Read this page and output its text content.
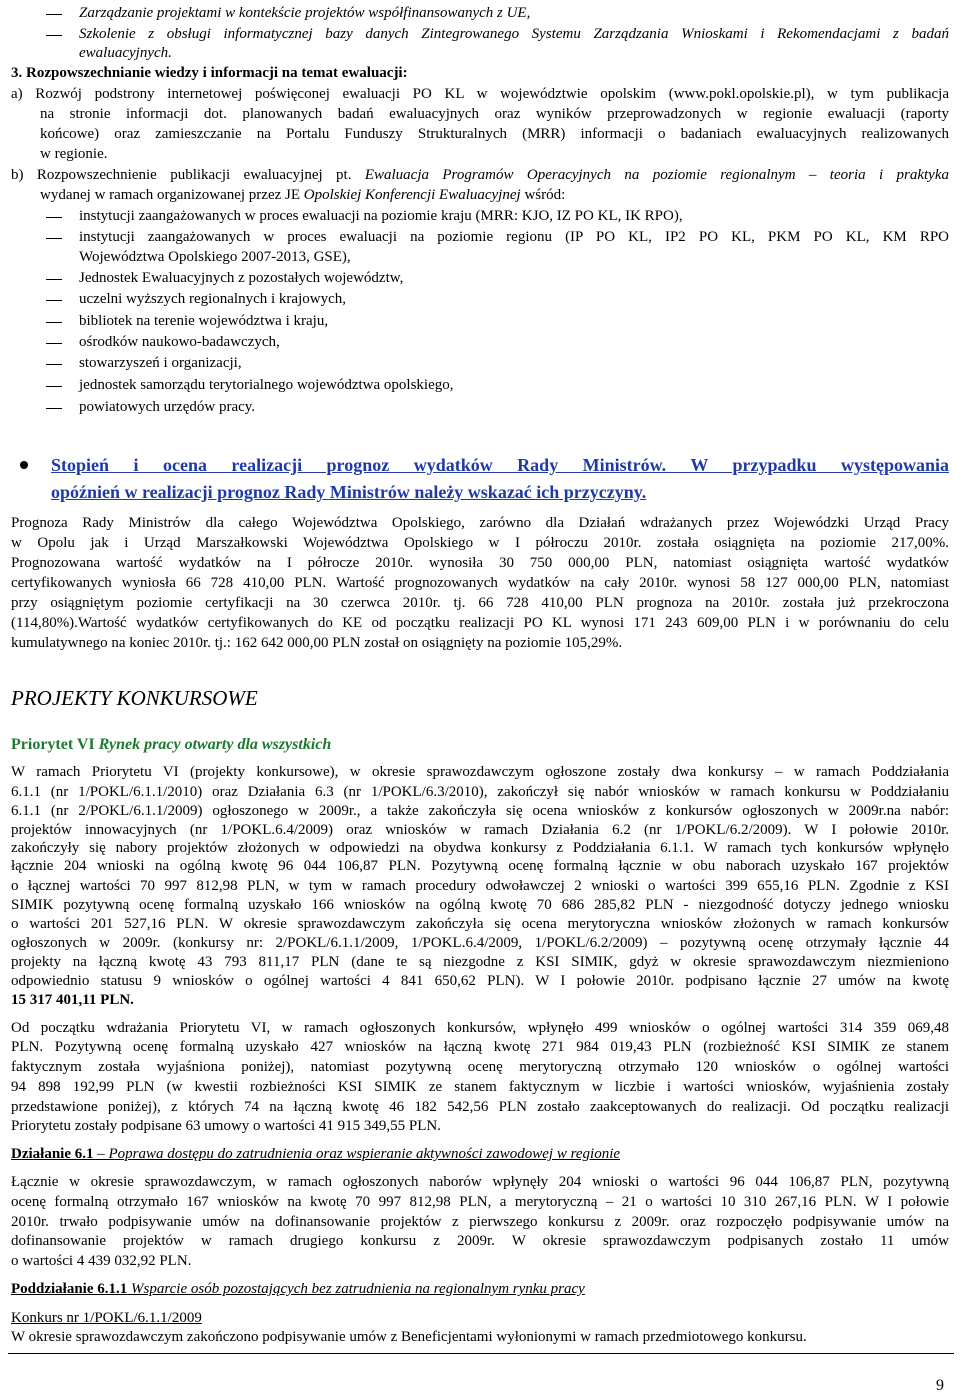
Zarządzanie projektami w kontekście projektów współfinansowanych z UE,
Szkolenie z obsługi informatycznej bazy danych Zintegrowanego Systemu Zarządzania Wnioskami i Rekomendacjami z badań
ewaluacyjnych.
3. Rozpowszechnianie wiedzy i informacji na temat ewaluacji:
a) Rozwój podstrony internetowej poświęconej ewaluacji PO KL w województwie opolskim (www.pokl.opolskie.pl), w tym publikacja
na stronie informacji dot. planowanych badań ewaluacyjnych oraz wyników przeprowadzonych w regionie ewaluacji (raporty
końcowe) oraz zamieszczanie na Portalu Funduszy Strukturalnych (MRR) informacji o badaniach ewaluacyjnych realizowanych
w regionie.
b) Rozpowszechnienie publikacji ewaluacyjnej pt. Ewaluacja Programów Operacyjnych na poziomie regionalnym – teoria i praktyka
wydanej w ramach organizowanej przez JE Opolskiej Konferencji Ewaluacyjnej wśród:
instytucji zaangażowanych w proces ewaluacji na poziomie kraju (MRR: KJO, IZ PO KL, IK RPO),
instytucji zaangażowanych w proces ewaluacji na poziomie regionu (IP PO KL, IP2 PO KL, PKM PO KL, KM RPO
Województwa Opolskiego 2007-2013, GSE),
Jednostek Ewaluacyjnych z pozostałych województw,
uczelni wyższych regionalnych i krajowych,
bibliotek na terenie województwa i kraju,
ośrodków naukowo-badawczych,
stowarzyszeń i organizacji,
jednostek samorządu terytorialnego województwa opolskiego,
powiatowych urzędów pracy.
Stopień i ocena realizacji prognoz wydatków Rady Ministrów. W przypadku występowania
opóźnień w realizacji prognoz Rady Ministrów należy wskazać ich przyczyny.
Prognoza Rady Ministrów dla całego Województwa Opolskiego, zarówno dla Działań wdrażanych przez Wojewódzki Urząd Pracy
w Opolu jak i Urząd Marszałkowski Województwa Opolskiego w I półroczu 2010r. została osiągnięta na poziomie 217,00%.
Prognozowana wartość wydatków na I półrocze 2010r. wynosiła 30 750 000,00 PLN, natomiast osiągnięta wartość wydatków
certyfikowanych wyniosła 66 728 410,00 PLN. Wartość prognozowanych wydatków na cały 2010r. wynosi 58 127 000,00 PLN, natomiast
przy osiągniętym poziomie certyfikacji na 30 czerwca 2010r. tj. 66 728 410,00 PLN prognoza na 2010r. została już przekroczona
(114,80%).Wartość wydatków certyfikowanych do KE od początku realizacji PO KL wynosi 171 243 609,00 PLN i w porównaniu do celu
kumulatywnego na koniec 2010r. tj.: 162 642 000,00 PLN został on osiągnięty na poziomie 105,29%.
PROJEKTY KONKURSOWE
Priorytet VI Rynek pracy otwarty dla wszystkich
W ramach Priorytetu VI (projekty konkursowe), w okresie sprawozdawczym ogłoszone zostały dwa konkursy – w ramach Poddziałania
6.1.1 (nr 1/POKL/6.1.1/2010) oraz Działania 6.3 (nr 1/POKL/6.3/2010), zakończył się nabór wniosków w ramach konkursu w Poddziałaniu
6.1.1 (nr 2/POKL/6.1.1/2009) ogłoszonego w 2009r., a także zakończyła się ocena wniosków z konkursów ogłoszonych w 2009r.na nabór:
projektów innowacyjnych (nr 1/POKL.6.4/2009) oraz wniosków w ramach Działania 6.2 (nr 1/POKL/6.2/2009). W I połowie 2010r.
zakończyły się nabory projektów złożonych w odpowiedzi na obydwa konkursy z Poddziałania 6.1.1. W ramach tych konkursów wpłynęło
łącznie 204 wnioski na ogólną kwotę 96 044 106,87 PLN. Pozytywną ocenę formalną łącznie w obu naborach uzyskało 167 projektów
o łącznej wartości 70 997 812,98 PLN, w tym w ramach procedury odwoławczej 2 wnioski o wartości 399 655,16 PLN. Zgodnie z KSI
SIMIK pozytywną ocenę formalną uzyskało 166 wniosków na ogólną kwotę 70 686 285,82 PLN - niezgodność dotyczy jednego wniosku
o wartości 201 527,16 PLN. W okresie sprawozdawczym zakończyła się ocena merytoryczna wniosków złożonych w ramach konkursów
ogłoszonych w 2009r. (konkursy nr: 2/POKL/6.1.1/2009, 1/POKL.6.4/2009, 1/POKL/6.2/2009) – pozytywną ocenę otrzymały łącznie 44
projekty na łączną kwotę 43 793 811,17 PLN (dane te są niezgodne z KSI SIMIK, gdyż w okresie sprawozdawczym niezmieniono
odpowiednio statusu 9 wniosków o ogólnej wartości 4 841 650,62 PLN). W I połowie 2010r. podpisano łącznie 27 umów na kwotę
15 317 401,11 PLN.
Od początku wdrażania Priorytetu VI, w ramach ogłoszonych konkursów, wpłynęło 499 wniosków o ogólnej wartości 314 359 069,48
PLN. Pozytywną ocenę formalną uzyskało 427 wniosków na łączną kwotę 271 984 019,43 PLN (rozbieżność KSI SIMIK ze stanem
faktycznym została wyjaśniona poniżej), natomiast pozytywną ocenę merytoryczną otrzymało 120 wniosków o ogólnej wartości
94 898 192,99 PLN (w kwestii rozbieżności KSI SIMIK ze stanem faktycznym w liczbie i wartości wniosków, wyjaśnienia zostały
przedstawione poniżej), z których 74 na łączną kwotę 46 182 542,56 PLN zostało zaakceptowanych do realizacji. Od początku realizacji
Priorytetu zostały podpisane 63 umowy o wartości 41 915 349,55 PLN.
Działanie 6.1 – Poprawa dostępu do zatrudnienia oraz wspieranie aktywności zawodowej w regionie
Łącznie w okresie sprawozdawczym, w ramach ogłoszonych naborów wpłynęły 204 wnioski o wartości 96 044 106,87 PLN, pozytywną
ocenę formalną otrzymało 167 wniosków na kwotę 70 997 812,98 PLN, a merytoryczną – 21 o wartości 10 310 267,16 PLN. W I połowie
2010r. trwało podpisywanie umów na dofinansowanie projektów z pierwszego konkursu z 2009r. oraz rozpoczęło podpisywanie umów na
dofinansowanie projektów w ramach drugiego konkursu z 2009r. W okresie sprawozdawczym podpisanych zostało 11 umów
o wartości 4 439 032,92 PLN.
Poddziałanie 6.1.1 Wsparcie osób pozostających bez zatrudnienia na regionalnym rynku pracy
Konkurs nr 1/POKL/6.1.1/2009
W okresie sprawozdawczym zakończono podpisywanie umów z Beneficjentami wyłonionymi w ramach przedmiotowego konkursu.
9
